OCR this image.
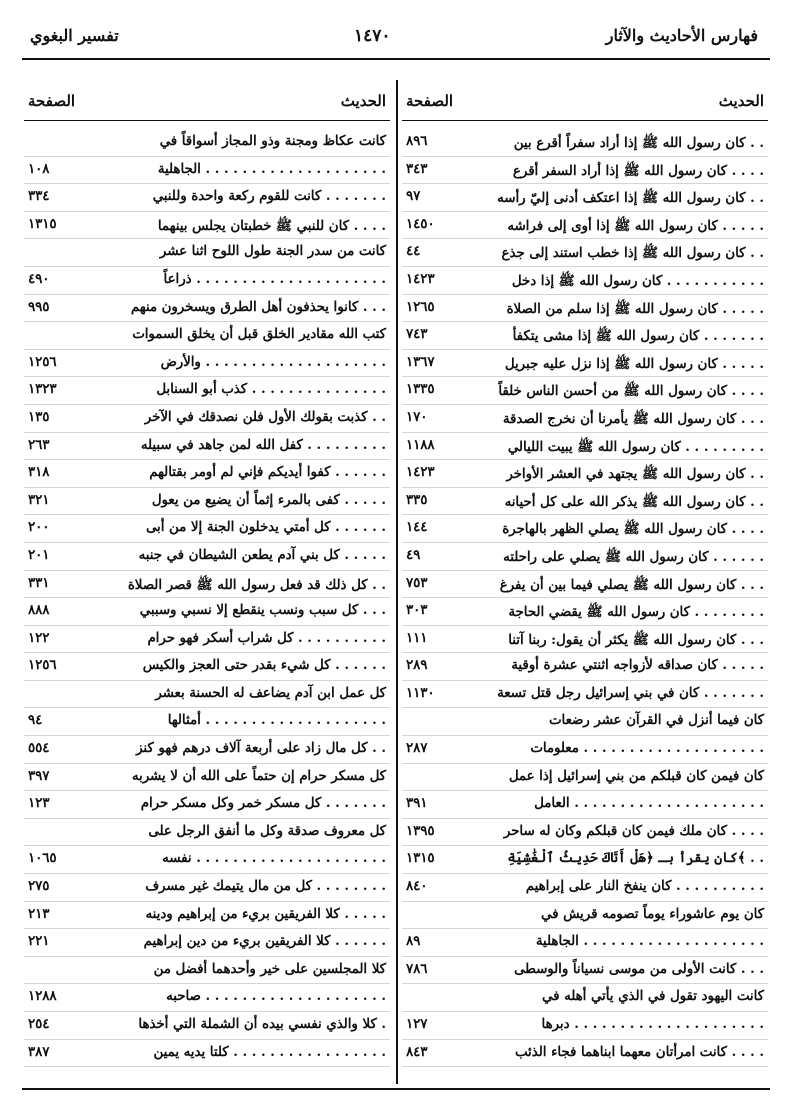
فهارس الأحاديث والآثار
١٤٧٠
تفسير البغوي
الحديث
الصفحة
كان رسول الله ﷺ إذا أراد سفراً أقرع بين . .
٨٩٦
كان رسول الله ﷺ إذا أراد السفر أقرع . . . .
٣٤٣
كان رسول الله ﷺ إذا اعتكف أدنى إليّ رأسه . .
٩٧
كان رسول الله ﷺ إذا أوى إلى فراشه . . . . .
١٤٥٠
كان رسول الله ﷺ إذا خطب استند إلى جذع . .
٤٤
كان رسول الله ﷺ إذا دخل . . . . . . . . . . .
١٤٢٣
كان رسول الله ﷺ إذا سلم من الصلاة . . . . .
١٢٦٥
كان رسول الله ﷺ إذا مشى يتكفأ . . . . . . .
٧٤٣
كان رسول الله ﷺ إذا نزل عليه جبريل . . . . .
١٣٦٧
كان رسول الله ﷺ من أحسن الناس خلقاً . . . .
١٣٣٥
كان رسول الله ﷺ يأمرنا أن نخرج الصدقة . . .
١٧٠
كان رسول الله ﷺ يبيت الليالي . . . . . . . . .
١١٨٨
كان رسول الله ﷺ يجتهد في العشر الأواخر . .
١٤٢٣
كان رسول الله ﷺ يذكر الله على كل أحيانه . .
٣٣٥
كان رسول الله ﷺ يصلي الظهر بالهاجرة . . . .
١٤٤
كان رسول الله ﷺ يصلي على راحلته . . . . . .
٤٩
كان رسول الله ﷺ يصلي فيما بين أن يفرغ . . .
٧٥٣
كان رسول الله ﷺ يقضي الحاجة . . . . . . . .
٣٠٣
كان رسول الله ﷺ يكثر أن يقول: ربنا آتنا . . .
١١١
كان صداقه لأزواجه اثنتي عشرة أوقية . . . . .
٢٨٩
كان في بني إسرائيل رجل قتل تسعة . . . . . . .
١١٣٠
كان فيما أنزل في القرآن عشر رضعات
معلومات . . . . . . . . . . . . . . . . . . . .
٢٨٧
كان فيمن كان قبلكم من بني إسرائيل إذا عمل
العامل . . . . . . . . . . . . . . . . . . . . .
٣٩١
كان ملك فيمن كان قبلكم وكان له ساحر . . . .
١٣٩٥
كان يقرأ بـ ﴿هَلْ أَتَاكَ حَدِيثُ ٱلْغَٰشِيَةِ﴾ . .
١٣١٥
كان ينفخ النار على إبراهيم . . . . . . . . . .
٨٤٠
كان يوم عاشوراء يوماً تصومه قريش في
الجاهلية . . . . . . . . . . . . . . . . . . . .
٨٩
كانت الأولى من موسى نسياناً والوسطى . . .
٧٨٦
كانت اليهود تقول في الذي يأتي أهله في
دبرها . . . . . . . . . . . . . . . . . . . . .
١٢٧
كانت امرأتان معهما ابناهما فجاء الذئب . . . .
٨٤٣
الحديث
الصفحة
كانت عكاظ ومجنة وذو المجاز أسواقاً في
الجاهلية . . . . . . . . . . . . . . . . . . . .
١٠٨
كانت للقوم ركعة واحدة وللنبي . . . . . . .
٣٣٤
كان للنبي ﷺ خطبتان يجلس بينهما . . . .
١٣١٥
كانت من سدر الجنة طول اللوح اثنا عشر
ذراعاً . . . . . . . . . . . . . . . . . . . . .
٤٩٠
كانوا يحذفون أهل الطرق ويسخرون منهم . . .
٩٩٥
كتب الله مقادير الخلق قبل أن يخلق السموات
والأرض . . . . . . . . . . . . . . . . . . . .
١٢٥٦
كذب أبو السنابل . . . . . . . . . . . . . . .
١٣٢٣
كذبت بقولك الأول فلن نصدقك في الآخر . .
١٣٥
كفل الله لمن جاهد في سبيله . . . . . . . . .
٢٦٣
كفوا أيديكم فإني لم أومر بقتالهم . . . . . .
٣١٨
كفى بالمرء إثماً أن يضيع من يعول . . . . .
٣٢١
كل أمتي يدخلون الجنة إلا من أبى . . . . . .
٢٠٠
كل بني آدم يطعن الشيطان في جنبه . . . . .
٢٠١
كل ذلك قد فعل رسول الله ﷺ قصر الصلاة . .
٣٣١
كل سبب ونسب ينقطع إلا نسبي وسببي . . .
٨٨٨
كل شراب أسكر فهو حرام . . . . . . . . . .
١٢٢
كل شيء بقدر حتى العجز والكيس . . . . . .
١٢٥٦
كل عمل ابن آدم يضاعف له الحسنة بعشر
أمثالها . . . . . . . . . . . . . . . . . . . .
٩٤
كل مال زاد على أربعة آلاف درهم فهو كنز . .
٥٥٤
كل مسكر حرام إن حتماً على الله أن لا يشربه
٣٩٧
كل مسكر خمر وكل مسكر حرام . . . . . . .
١٢٣
كل معروف صدقة وكل ما أنفق الرجل على
نفسه . . . . . . . . . . . . . . . . . . . . .
١٠٦٥
كل من مال يتيمك غير مسرف . . . . . . . .
٢٧٥
كلا الفريقين بريء من إبراهيم ودينه . . . . .
٢١٣
كلا الفريقين بريء من دين إبراهيم . . . . . .
٢٢١
كلا المجلسين على خير وأحدهما أفضل من
صاحبه . . . . . . . . . . . . . . . . . . . .
١٢٨٨
كلا والذي نفسي بيده أن الشملة التي أخذها .
٢٥٤
كلتا يديه يمين . . . . . . . . . . . . . . . . .
٣٨٧
